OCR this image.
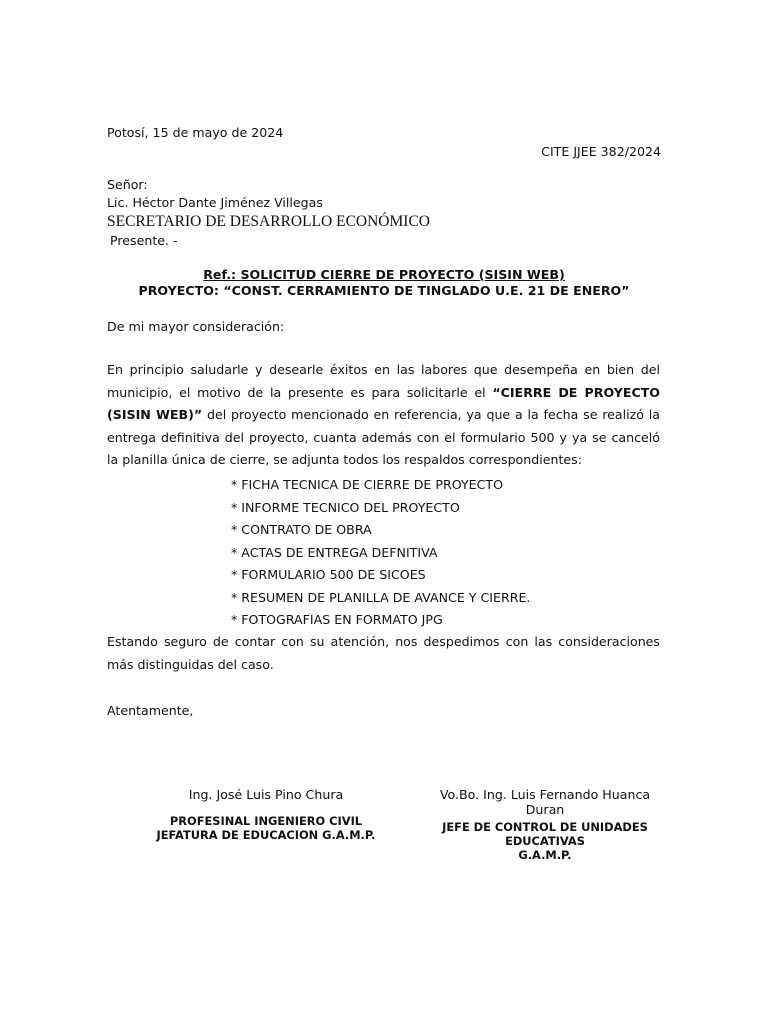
Potosí, 15 de mayo de 2024
CITE JJEE 382/2024
Señor:
Lic. Héctor Dante Jiménez Villegas
SECRETARIO DE DESARROLLO ECONÓMICO
Presente. -
Ref.: SOLICITUD CIERRE DE PROYECTO (SISIN WEB)
PROYECTO: “CONST. CERRAMIENTO DE TINGLADO U.E. 21 DE ENERO”
De mi mayor consideración:
En principio saludarle y desearle éxitos en las labores que desempeña en bien del municipio, el motivo de la presente es para solicitarle el “CIERRE DE PROYECTO (SISIN WEB)” del proyecto mencionado en referencia, ya que a la fecha se realizó la entrega definitiva del proyecto, cuanta además con el formulario 500 y ya se canceló la planilla única de cierre, se adjunta todos los respaldos correspondientes:
* FICHA TECNICA DE CIERRE DE PROYECTO
* INFORME TECNICO DEL PROYECTO
* CONTRATO DE OBRA
* ACTAS DE ENTREGA DEFNITIVA
* FORMULARIO 500 DE SICOES
* RESUMEN DE PLANILLA DE AVANCE Y CIERRE.
* FOTOGRAFIAS EN FORMATO JPG
Estando seguro de contar con su atención, nos despedimos con las consideraciones más distinguidas del caso.
Atentamente,
Ing. José Luis Pino Chura
PROFESINAL INGENIERO CIVIL
JEFATURA DE EDUCACION G.A.M.P.
Vo.Bo. Ing. Luis Fernando Huanca Duran
JEFE DE CONTROL DE UNIDADES EDUCATIVAS
G.A.M.P.
